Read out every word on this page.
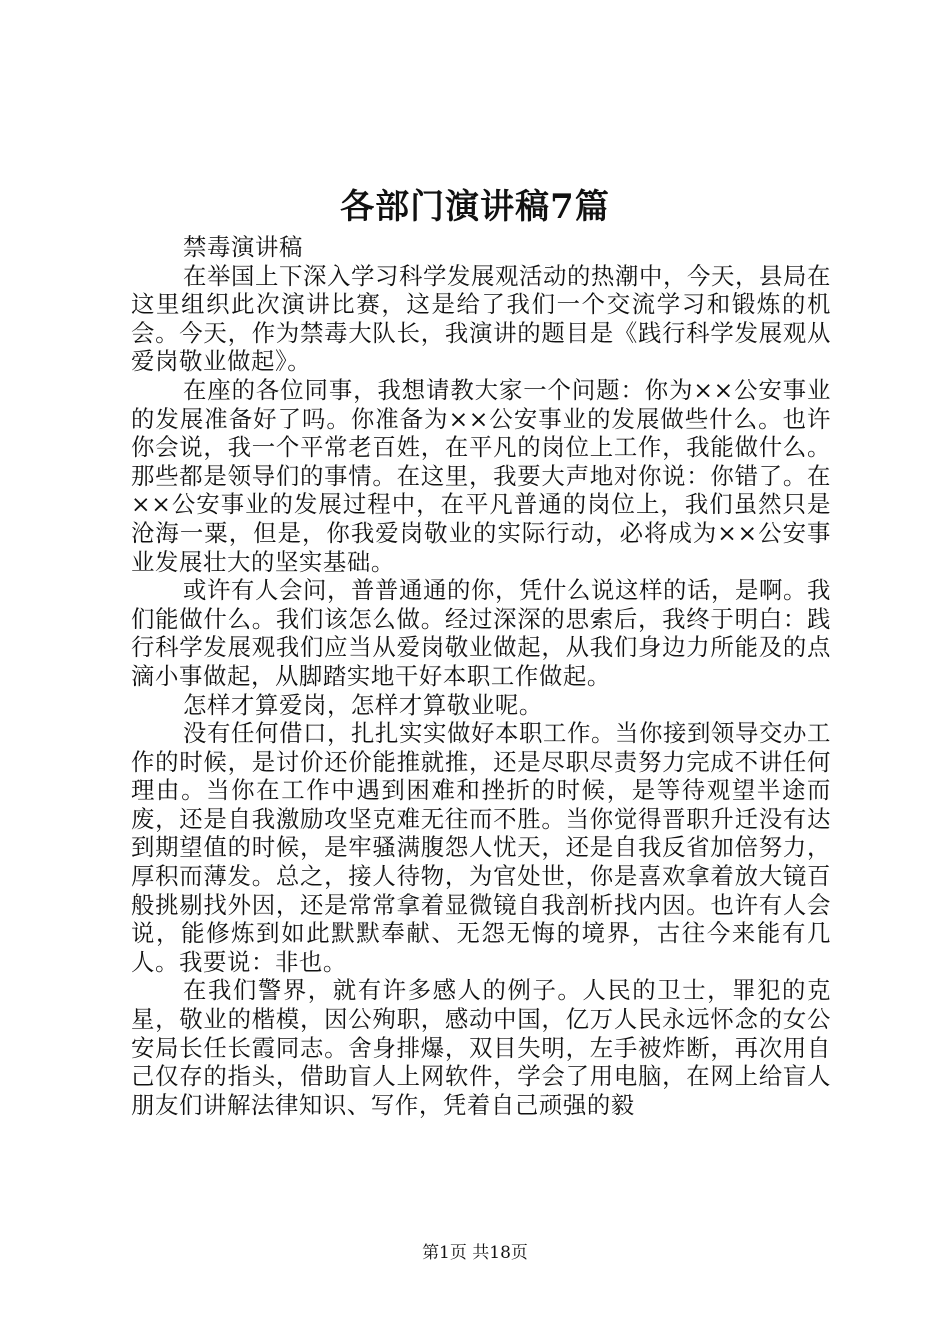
各部门演讲稿7篇

禁毒演讲稿

在举国上下深入学习科学发展观活动的热潮中，今天，县局在这里组织此次演讲比赛，这是给了我们一个交流学习和锻炼的机会。今天，作为禁毒大队长，我演讲的题目是《践行科学发展观从爱岗敬业做起》。

在座的各位同事，我想请教大家一个问题：你为××公安事业的发展准备好了吗。你准备为××公安事业的发展做些什么。也许你会说，我一个平常老百姓，在平凡的岗位上工作，我能做什么。那些都是领导们的事情。在这里，我要大声地对你说：你错了。在××公安事业的发展过程中，在平凡普通的岗位上，我们虽然只是沧海一粟，但是，你我爱岗敬业的实际行动，必将成为××公安事业发展壮大的坚实基础。

或许有人会问，普普通通的你，凭什么说这样的话，是啊。我们能做什么。我们该怎么做。经过深深的思索后，我终于明白：践行科学发展观我们应当从爱岗敬业做起，从我们身边力所能及的点滴小事做起，从脚踏实地干好本职工作做起。

怎样才算爱岗，怎样才算敬业呢。

没有任何借口，扎扎实实做好本职工作。当你接到领导交办工作的时候，是讨价还价能推就推，还是尽职尽责努力完成不讲任何理由。当你在工作中遇到困难和挫折的时候，是等待观望半途而废，还是自我激励攻坚克难无往而不胜。当你觉得晋职升迁没有达到期望值的时候，是牢骚满腹怨人忧天，还是自我反省加倍努力，厚积而薄发。总之，接人待物，为官处世，你是喜欢拿着放大镜百般挑剔找外因，还是常常拿着显微镜自我剖析找内因。也许有人会说，能修炼到如此默默奉献、无怨无悔的境界，古往今来能有几人。我要说：非也。

在我们警界，就有许多感人的例子。人民的卫士，罪犯的克星，敬业的楷模，因公殉职，感动中国，亿万人民永远怀念的女公安局长任长霞同志。舍身排爆，双目失明，左手被炸断，再次用自己仅存的指头，借助盲人上网软件，学会了用电脑，在网上给盲人朋友们讲解法律知识、写作，凭着自己顽强的毅

第1页 共18页
